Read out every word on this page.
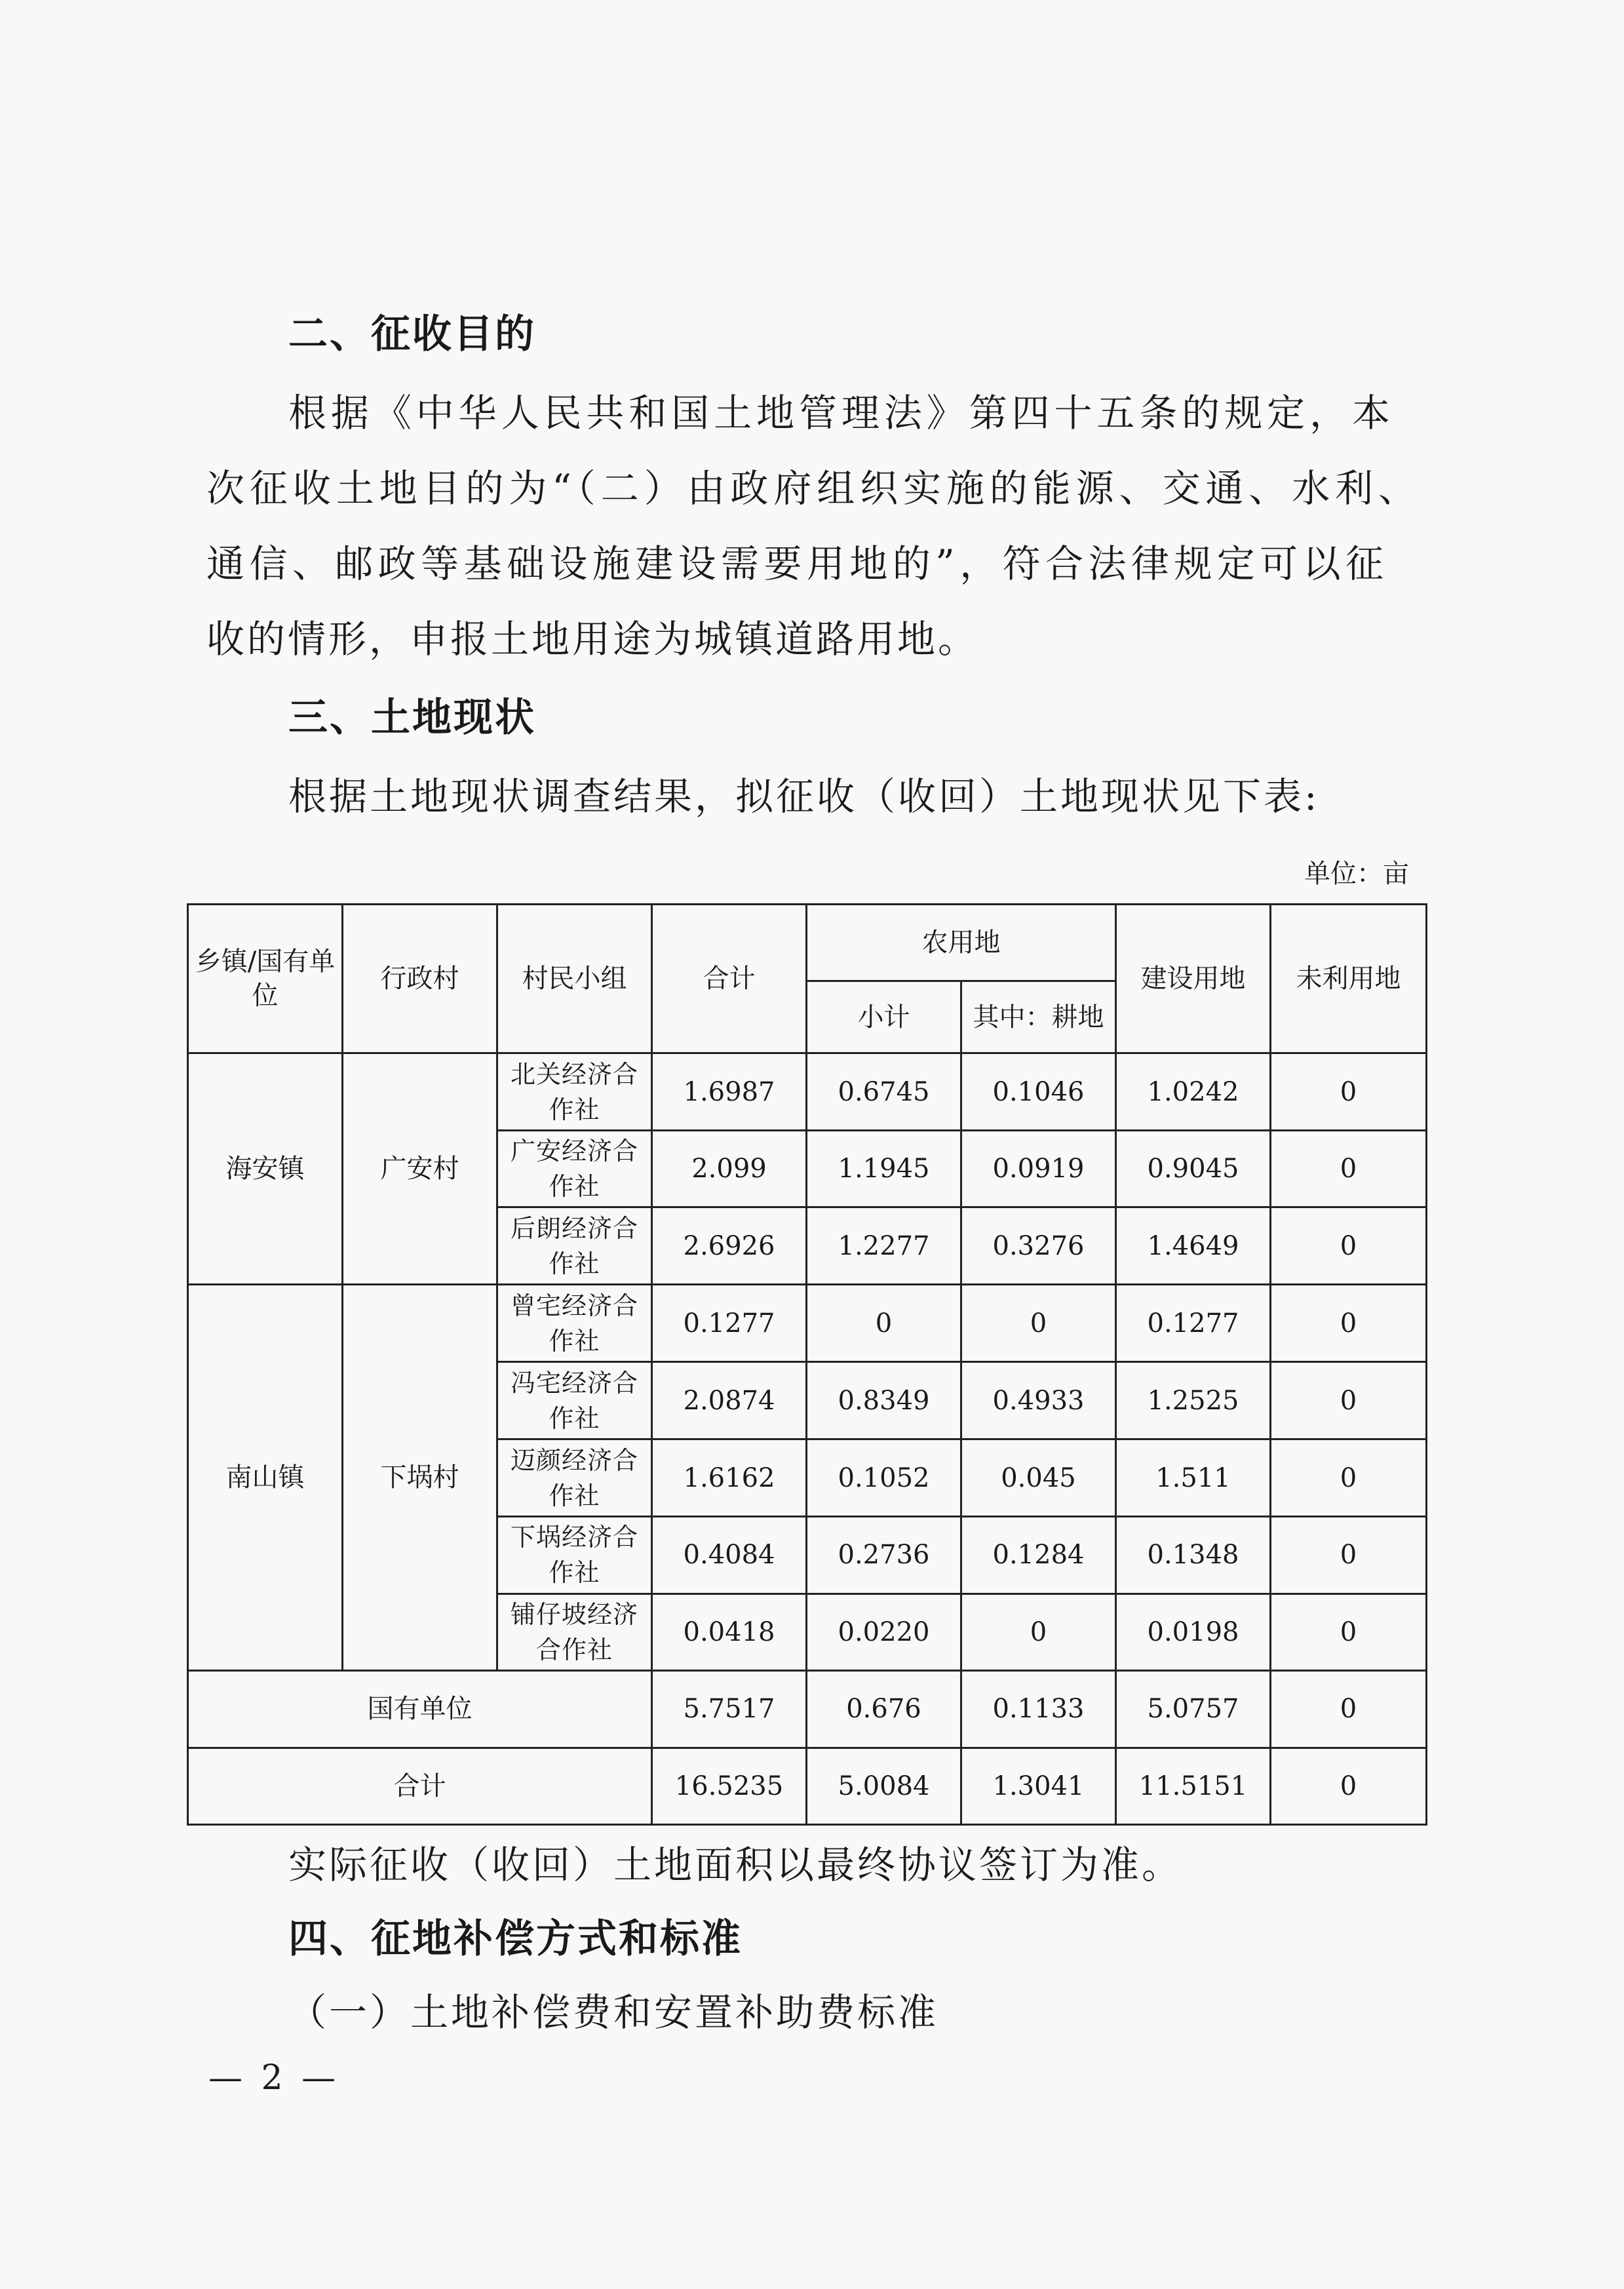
二、征收目的
根据《中华人民共和国土地管理法》第四十五条的规定，本
次征收土地目的为“（二）由政府组织实施的能源、交通、水利、
通信、邮政等基础设施建设需要用地的”，符合法律规定可以征
收的情形，申报土地用途为城镇道路用地。
三、土地现状
根据土地现状调查结果，拟征收（收回）土地现状见下表:
单位：亩
乡镇/国有单位	行政村	村民小组	合计	农用地		建设用地	未利用地
				小计	其中：耕地		
海安镇	广安村	北关经济合作社	1.6987	0.6745	0.1046	1.0242	0
		广安经济合作社	2.099	1.1945	0.0919	0.9045	0
		后朗经济合作社	2.6926	1.2277	0.3276	1.4649	0
南山镇	下埚村	曾宅经济合作社	0.1277	0	0	0.1277	0
		冯宅经济合作社	2.0874	0.8349	0.4933	1.2525	0
		迈颜经济合作社	1.6162	0.1052	0.045	1.511	0
		下埚经济合作社	0.4084	0.2736	0.1284	0.1348	0
		铺仔坡经济合作社	0.0418	0.0220	0	0.0198	0
国有单位			5.7517	0.676	0.1133	5.0757	0
合计			16.5235	5.0084	1.3041	11.5151	0
实际征收（收回）土地面积以最终协议签订为准。
四、征地补偿方式和标准
（一）土地补偿费和安置补助费标准
— 2 —
